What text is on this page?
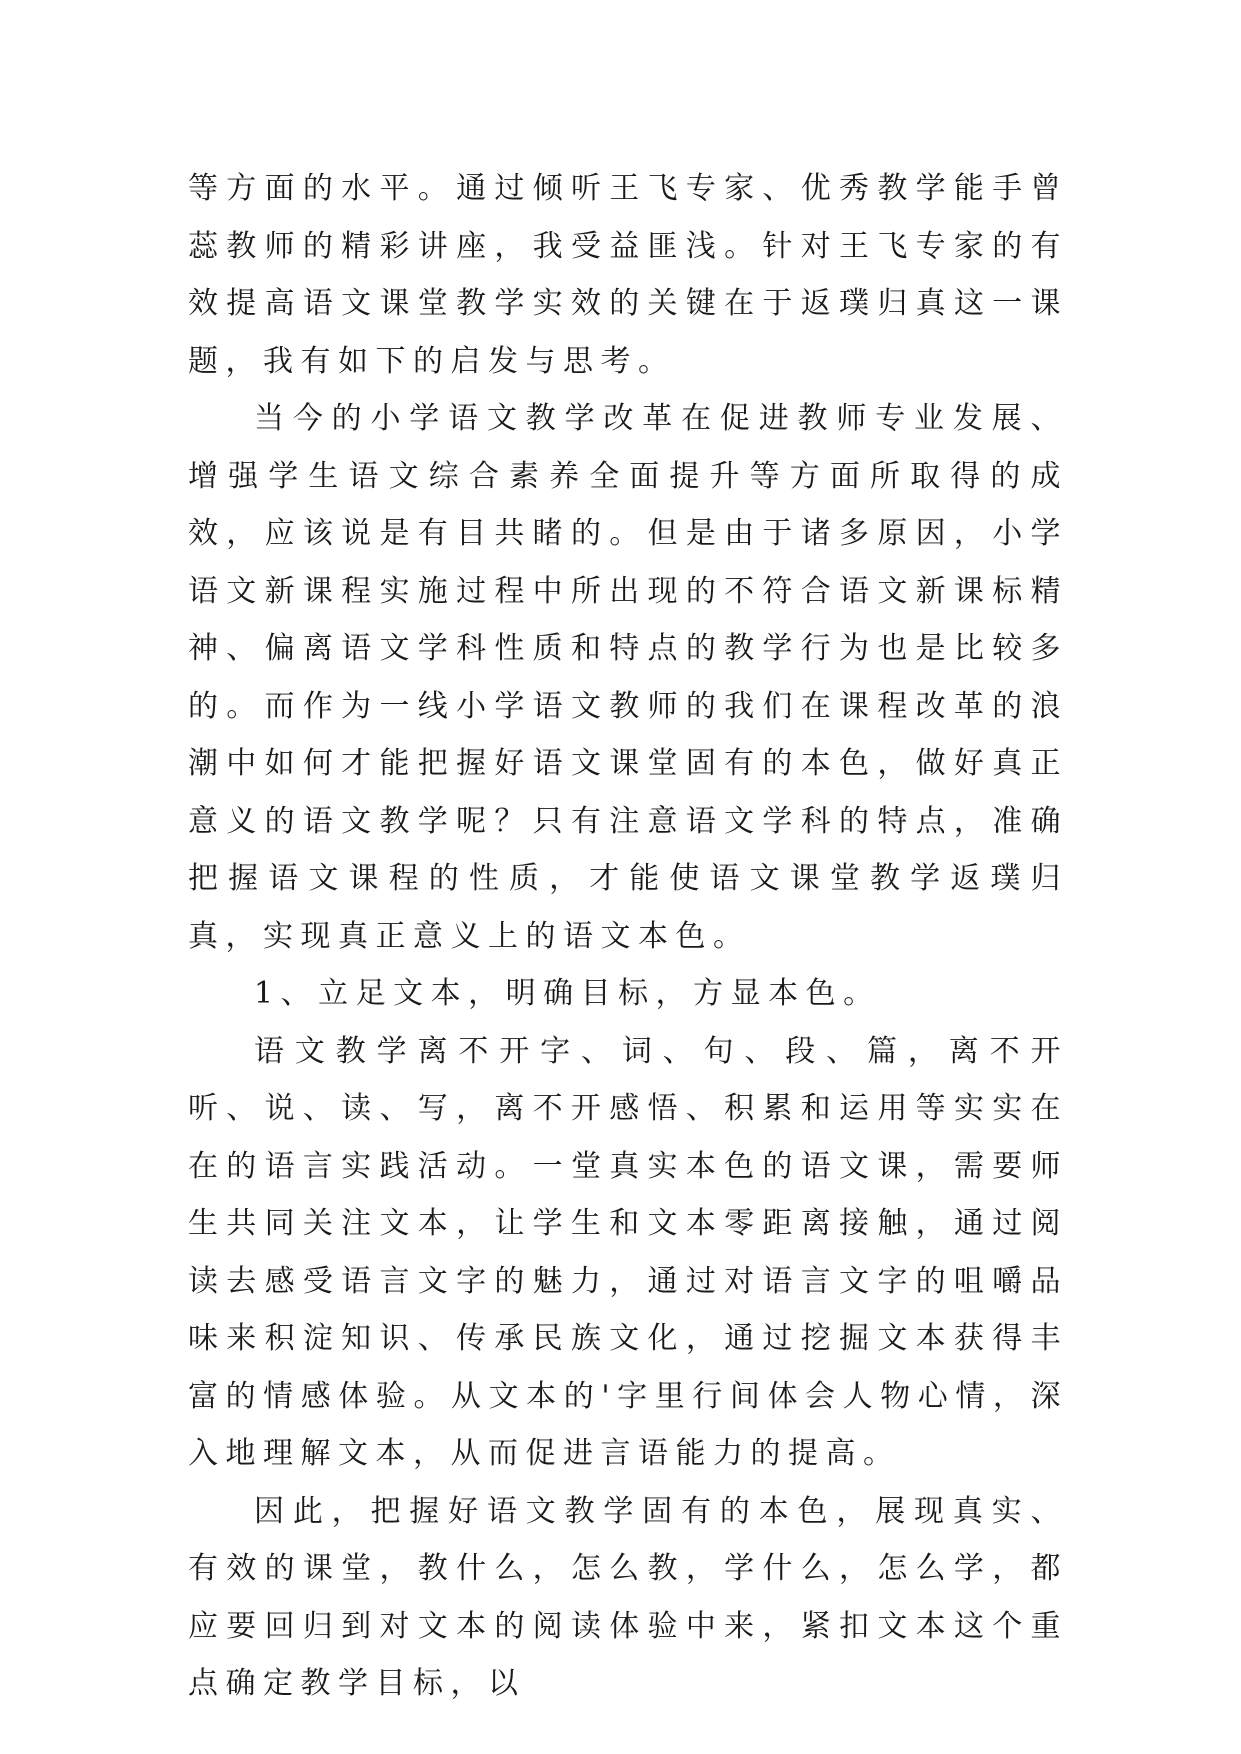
等方面的水平。通过倾听王飞专家、优秀教学能手曾蕊教师的精彩讲座，我受益匪浅。针对王飞专家的有效提高语文课堂教学实效的关键在于返璞归真这一课题，我有如下的启发与思考。

当今的小学语文教学改革在促进教师专业发展、增强学生语文综合素养全面提升等方面所取得的成效，应该说是有目共睹的。但是由于诸多原因，小学语文新课程实施过程中所出现的不符合语文新课标精神、偏离语文学科性质和特点的教学行为也是比较多的。而作为一线小学语文教师的我们在课程改革的浪潮中如何才能把握好语文课堂固有的本色，做好真正意义的语文教学呢？只有注意语文学科的特点，准确把握语文课程的性质，才能使语文课堂教学返璞归真，实现真正意义上的语文本色。

1、立足文本，明确目标，方显本色。

语文教学离不开字、词、句、段、篇，离不开听、说、读、写，离不开感悟、积累和运用等实实在在的语言实践活动。一堂真实本色的语文课，需要师生共同关注文本，让学生和文本零距离接触，通过阅读去感受语言文字的魅力，通过对语言文字的咀嚼品味来积淀知识、传承民族文化，通过挖掘文本获得丰富的情感体验。从文本的'字里行间体会人物心情，深入地理解文本，从而促进言语能力的提高。

因此，把握好语文教学固有的本色，展现真实、有效的课堂，教什么，怎么教，学什么，怎么学，都应要回归到对文本的阅读体验中来，紧扣文本这个重点确定教学目标，以
